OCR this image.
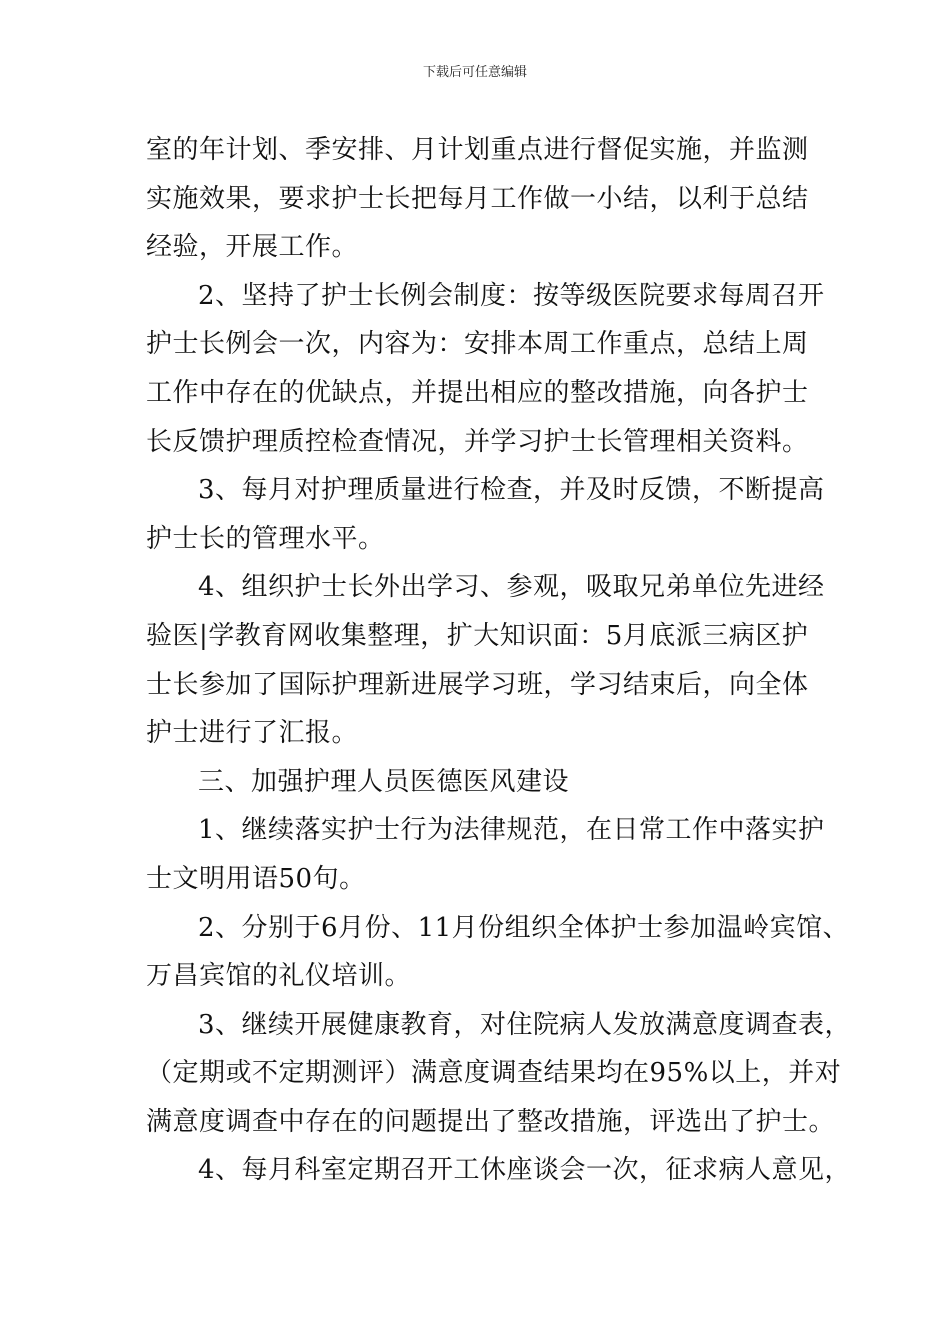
下载后可任意编辑
室的年计划、季安排、月计划重点进行督促实施，并监测
实施效果，要求护士长把每月工作做一小结，以利于总结
经验，开展工作。
2、坚持了护士长例会制度：按等级医院要求每周召开
护士长例会一次，内容为：安排本周工作重点，总结上周
工作中存在的优缺点，并提出相应的整改措施，向各护士
长反馈护理质控检查情况，并学习护士长管理相关资料。
3、每月对护理质量进行检查，并及时反馈，不断提高
护士长的管理水平。
4、组织护士长外出学习、参观，吸取兄弟单位先进经
验医|学教育网收集整理，扩大知识面：5月底派三病区护
士长参加了国际护理新进展学习班，学习结束后，向全体
护士进行了汇报。
三、加强护理人员医德医风建设
1、继续落实护士行为法律规范，在日常工作中落实护
士文明用语50句。
2、分别于6月份、11月份组织全体护士参加温岭宾馆、
万昌宾馆的礼仪培训。
3、继续开展健康教育，对住院病人发放满意度调查表，
（定期或不定期测评）满意度调查结果均在95%以上，并对
满意度调查中存在的问题提出了整改措施，评选出了护士。
4、每月科室定期召开工休座谈会一次，征求病人意见，
